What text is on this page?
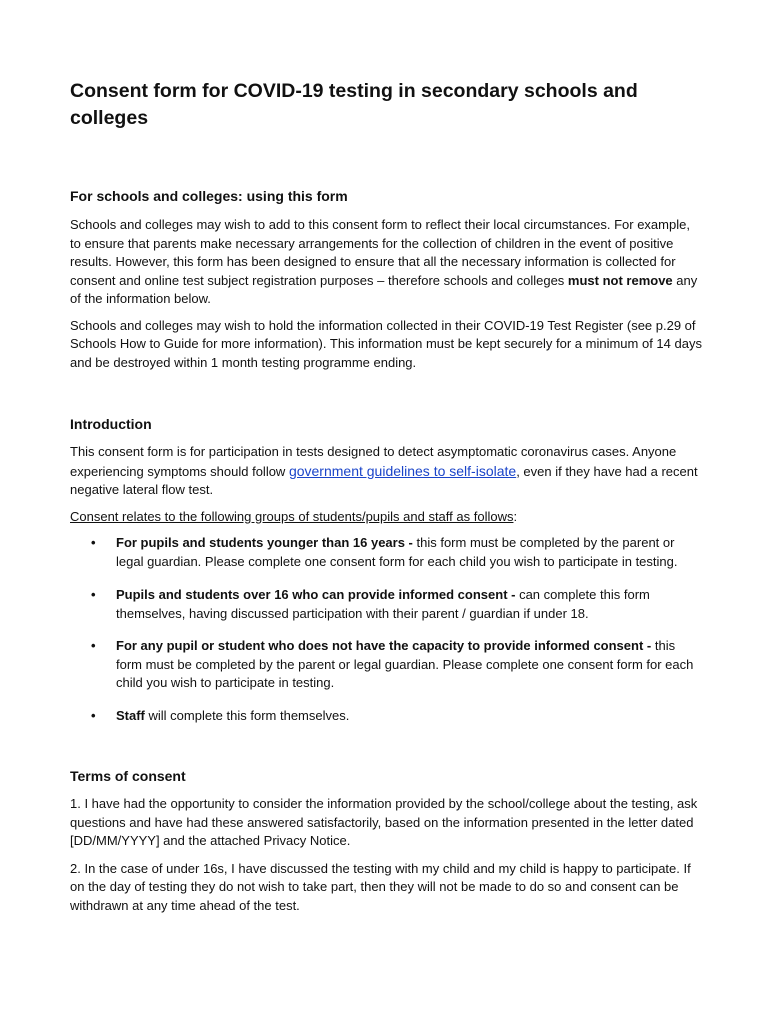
Consent form for COVID-19 testing in secondary schools and colleges
For schools and colleges: using this form

Schools and colleges may wish to add to this consent form to reflect their local circumstances. For example, to ensure that parents make necessary arrangements for the collection of children in the event of positive results. However, this form has been designed to ensure that all the necessary information is collected for consent and online test subject registration purposes – therefore schools and colleges must not remove any of the information below.

Schools and colleges may wish to hold the information collected in their COVID-19 Test Register (see p.29 of Schools How to Guide for more information). This information must be kept securely for a minimum of 14 days and be destroyed within 1 month testing programme ending.

Introduction

This consent form is for participation in tests designed to detect asymptomatic coronavirus cases. Anyone experiencing symptoms should follow government guidelines to self-isolate, even if they have had a recent negative lateral flow test.

Consent relates to the following groups of students/pupils and staff as follows:

• For pupils and students younger than 16 years - this form must be completed by the parent or legal guardian. Please complete one consent form for each child you wish to participate in testing.
• Pupils and students over 16 who can provide informed consent - can complete this form themselves, having discussed participation with their parent / guardian if under 18.
• For any pupil or student who does not have the capacity to provide informed consent - this form must be completed by the parent or legal guardian. Please complete one consent form for each child you wish to participate in testing.
• Staff will complete this form themselves.
Terms of consent

1. I have had the opportunity to consider the information provided by the school/college about the testing, ask questions and have had these answered satisfactorily, based on the information presented in the letter dated [DD/MM/YYYY] and the attached Privacy Notice.

2. In the case of under 16s, I have discussed the testing with my child and my child is happy to participate. If on the day of testing they do not wish to take part, then they will not be made to do so and consent can be withdrawn at any time ahead of the test.
